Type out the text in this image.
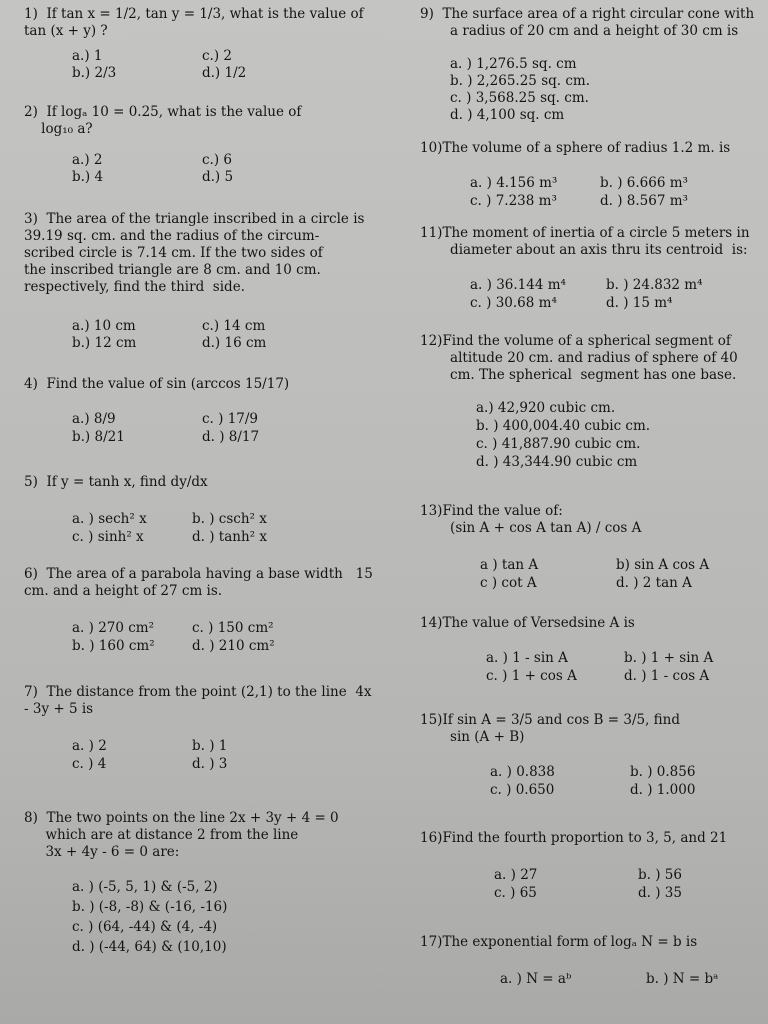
1)  If tan x = 1/2, tan y = 1/3, what is the value of
tan (x + y) ?
a.) 1	c.) 2
b.) 2/3	d.) 1/2
2)  If logₐ 10 = 0.25, what is the value of
log₁₀ a?
a.) 2	c.) 6
b.) 4	d.) 5
3)  The area of the triangle inscribed in a circle is
39.19 sq. cm. and the radius of the circum-
scribed circle is 7.14 cm. If the two sides of
the inscribed triangle are 8 cm. and 10 cm.
respectively, find the third  side.
a.) 10 cm	c.) 14 cm
b.) 12 cm	d.) 16 cm
4)  Find the value of sin (arccos 15/17)
a.) 8/9	c. ) 17/9
b.) 8/21	d. ) 8/17
5)  If y = tanh x, find dy/dx
a. ) sech² x	b. ) csch² x
c. ) sinh² x	d. ) tanh² x
6)  The area of a parabola having a base width   15
cm. and a height of 27 cm is.
a. ) 270 cm²	c. ) 150 cm²
b. ) 160 cm²	d. ) 210 cm²
7)  The distance from the point (2,1) to the line  4x
- 3y + 5 is
a. ) 2	b. ) 1
c. ) 4	d. ) 3
8)  The two points on the line 2x + 3y + 4 = 0
which are at distance 2 from the line
3x + 4y - 6 = 0 are:
a. ) (-5, 5, 1) & (-5, 2)
b. ) (-8, -8) & (-16, -16)
c. ) (64, -44) & (4, -4)
d. ) (-44, 64) & (10,10)
9)  The surface area of a right circular cone with
a radius of 20 cm and a height of 30 cm is
a. ) 1,276.5 sq. cm
b. ) 2,265.25 sq. cm.
c. ) 3,568.25 sq. cm.
d. ) 4,100 sq. cm
10)The volume of a sphere of radius 1.2 m. is
a. ) 4.156 m³	b. ) 6.666 m³
c. ) 7.238 m³	d. ) 8.567 m³
11)The moment of inertia of a circle 5 meters in
diameter about an axis thru its centroid  is:
a. ) 36.144 m⁴	b. ) 24.832 m⁴
c. ) 30.68 m⁴	d. ) 15 m⁴
12)Find the volume of a spherical segment of
altitude 20 cm. and radius of sphere of 40
cm. The spherical  segment has one base.
a.) 42,920 cubic cm.
b. ) 400,004.40 cubic cm.
c. ) 41,887.90 cubic cm.
d. ) 43,344.90 cubic cm
13)Find the value of:
(sin A + cos A tan A) / cos A
a ) tan A	b) sin A cos A
c ) cot A	d. ) 2 tan A
14)The value of Versedsine A is
a. ) 1 - sin A	b. ) 1 + sin A
c. ) 1 + cos A	d. ) 1 - cos A
15)If sin A = 3/5 and cos B = 3/5, find
sin (A + B)
a. ) 0.838	b. ) 0.856
c. ) 0.650	d. ) 1.000
16)Find the fourth proportion to 3, 5, and 21
a. ) 27	b. ) 56
c. ) 65	d. ) 35
17)The exponential form of logₐ N = b is
a. ) N = aᵇ	b. ) N = bᵃ
